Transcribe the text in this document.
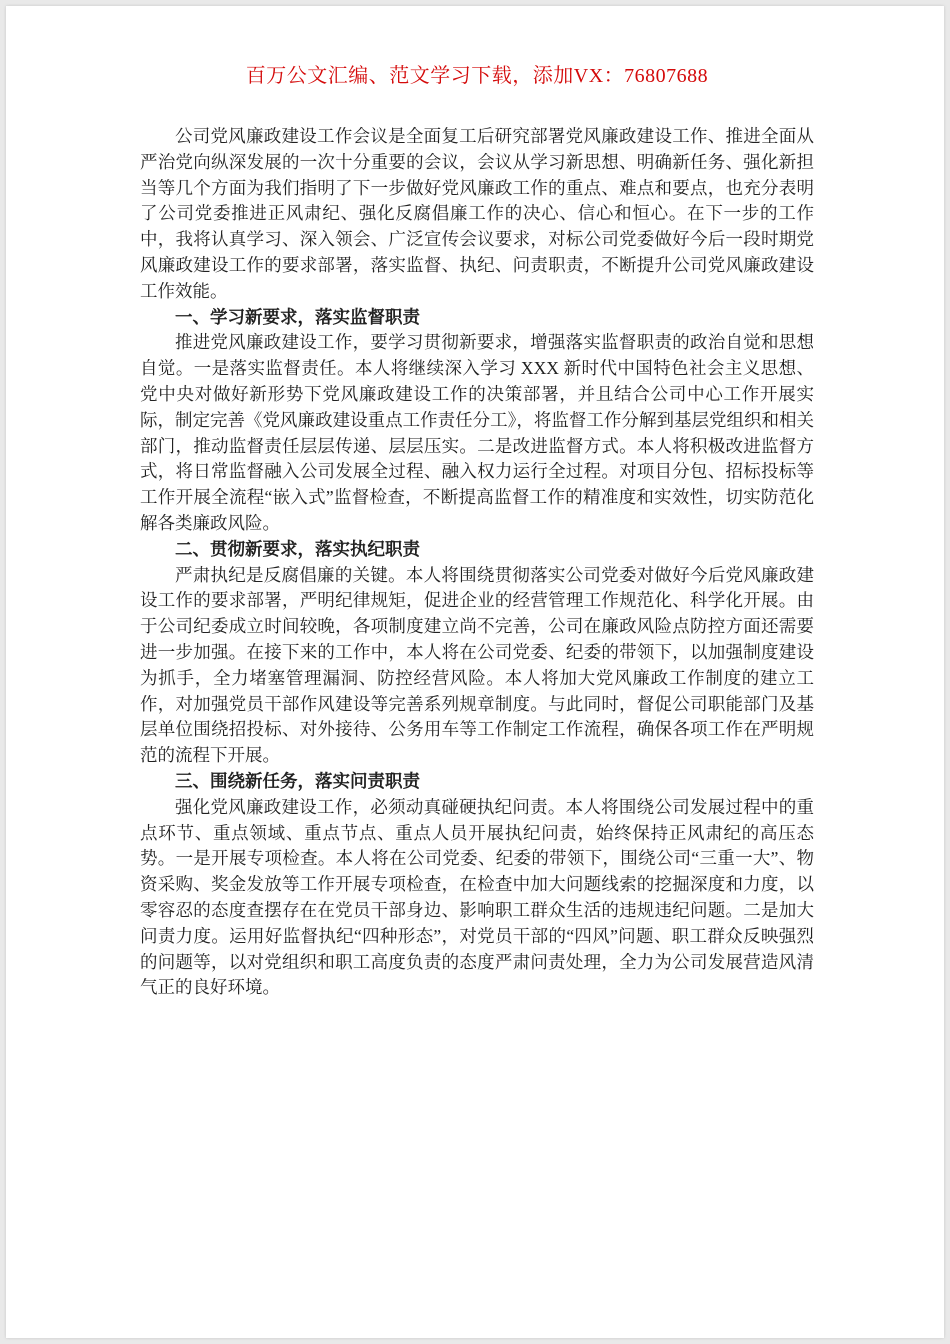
百万公文汇编、范文学习下载，添加VX：76807688

公司党风廉政建设工作会议是全面复工后研究部署党风廉政建设工作、推进全面从严治党向纵深发展的一次十分重要的会议，会议从学习新思想、明确新任务、强化新担当等几个方面为我们指明了下一步做好党风廉政工作的重点、难点和要点，也充分表明了公司党委推进正风肃纪、强化反腐倡廉工作的决心、信心和恒心。在下一步的工作中，我将认真学习、深入领会、广泛宣传会议要求，对标公司党委做好今后一段时期党风廉政建设工作的要求部署，落实监督、执纪、问责职责，不断提升公司党风廉政建设工作效能。

一、学习新要求，落实监督职责

推进党风廉政建设工作，要学习贯彻新要求，增强落实监督职责的政治自觉和思想自觉。一是落实监督责任。本人将继续深入学习 XXX 新时代中国特色社会主义思想、党中央对做好新形势下党风廉政建设工作的决策部署，并且结合公司中心工作开展实际，制定完善《党风廉政建设重点工作责任分工》，将监督工作分解到基层党组织和相关部门，推动监督责任层层传递、层层压实。二是改进监督方式。本人将积极改进监督方式，将日常监督融入公司发展全过程、融入权力运行全过程。对项目分包、招标投标等工作开展全流程“嵌入式”监督检查，不断提高监督工作的精准度和实效性，切实防范化解各类廉政风险。

二、贯彻新要求，落实执纪职责

严肃执纪是反腐倡廉的关键。本人将围绕贯彻落实公司党委对做好今后党风廉政建设工作的要求部署，严明纪律规矩，促进企业的经营管理工作规范化、科学化开展。由于公司纪委成立时间较晚，各项制度建立尚不完善，公司在廉政风险点防控方面还需要进一步加强。在接下来的工作中，本人将在公司党委、纪委的带领下，以加强制度建设为抓手，全力堵塞管理漏洞、防控经营风险。本人将加大党风廉政工作制度的建立工作，对加强党员干部作风建设等完善系列规章制度。与此同时，督促公司职能部门及基层单位围绕招投标、对外接待、公务用车等工作制定工作流程，确保各项工作在严明规范的流程下开展。

三、围绕新任务，落实问责职责

强化党风廉政建设工作，必须动真碰硬执纪问责。本人将围绕公司发展过程中的重点环节、重点领域、重点节点、重点人员开展执纪问责，始终保持正风肃纪的高压态势。一是开展专项检查。本人将在公司党委、纪委的带领下，围绕公司“三重一大”、物资采购、奖金发放等工作开展专项检查，在检查中加大问题线索的挖掘深度和力度，以零容忍的态度查摆存在在党员干部身边、影响职工群众生活的违规违纪问题。二是加大问责力度。运用好监督执纪“四种形态”，对党员干部的“四风”问题、职工群众反映强烈的问题等，以对党组织和职工高度负责的态度严肃问责处理，全力为公司发展营造风清气正的良好环境。
